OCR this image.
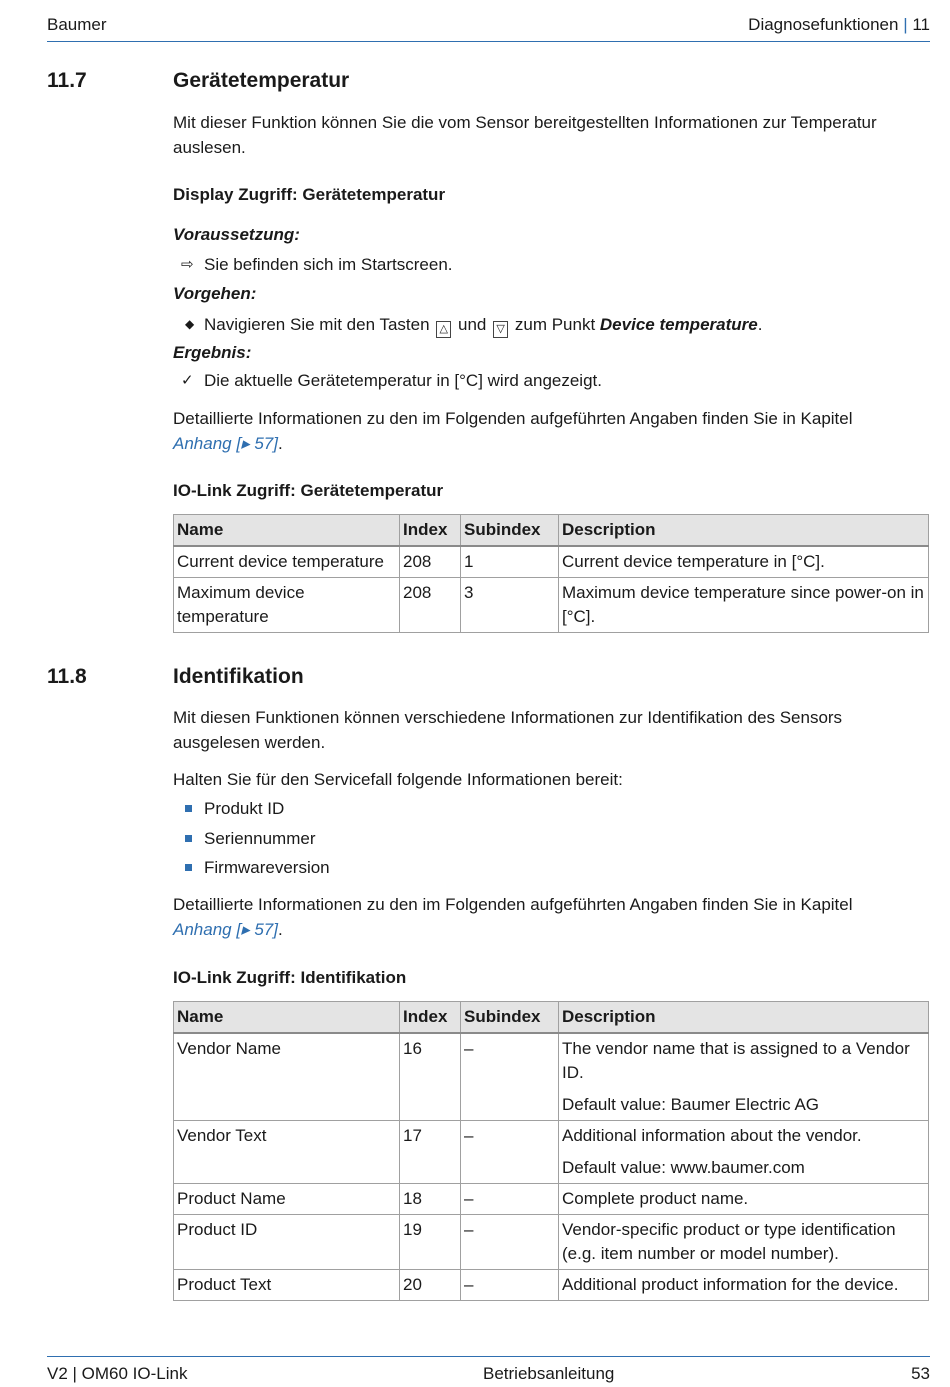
Baumer	Diagnosefunktionen | 11
11.7	Gerätetemperatur

Mit dieser Funktion können Sie die vom Sensor bereitgestellten Informationen zur Temperatur auslesen.

Display Zugriff: Gerätetemperatur

Voraussetzung:
⇨ Sie befinden sich im Startscreen.
Vorgehen:
◆ Navigieren Sie mit den Tasten △ und ▽ zum Punkt Device temperature.
Ergebnis:
✓ Die aktuelle Gerätetemperatur in [°C] wird angezeigt.

Detaillierte Informationen zu den im Folgenden aufgeführten Angaben finden Sie in Kapitel Anhang [▸ 57].

IO-Link Zugriff: Gerätetemperatur

Name	Index	Subindex	Description
Current device temperature	208	1	Current device temperature in [°C].
Maximum device temperature	208	3	Maximum device temperature since power-on in [°C].
11.8	Identifikation

Mit diesen Funktionen können verschiedene Informationen zur Identifikation des Sensors ausgelesen werden.

Halten Sie für den Servicefall folgende Informationen bereit:

Produkt ID
Seriennummer
Firmwareversion

Detaillierte Informationen zu den im Folgenden aufgeführten Angaben finden Sie in Kapitel Anhang [▸ 57].

IO-Link Zugriff: Identifikation

Name	Index	Subindex	Description
Vendor Name	16	–	The vendor name that is assigned to a Vendor ID.

Default value: Baumer Electric AG

Vendor Text	17	–	Additional information about the vendor.

Default value: www.baumer.com

Product Name	18	–	Complete product name.
Product ID	19	–	Vendor-specific product or type identification (e.g. item number or model number).
Product Text	20	–	Additional product information for the device.
V2 | OM60 IO-Link	Betriebsanleitung	53
